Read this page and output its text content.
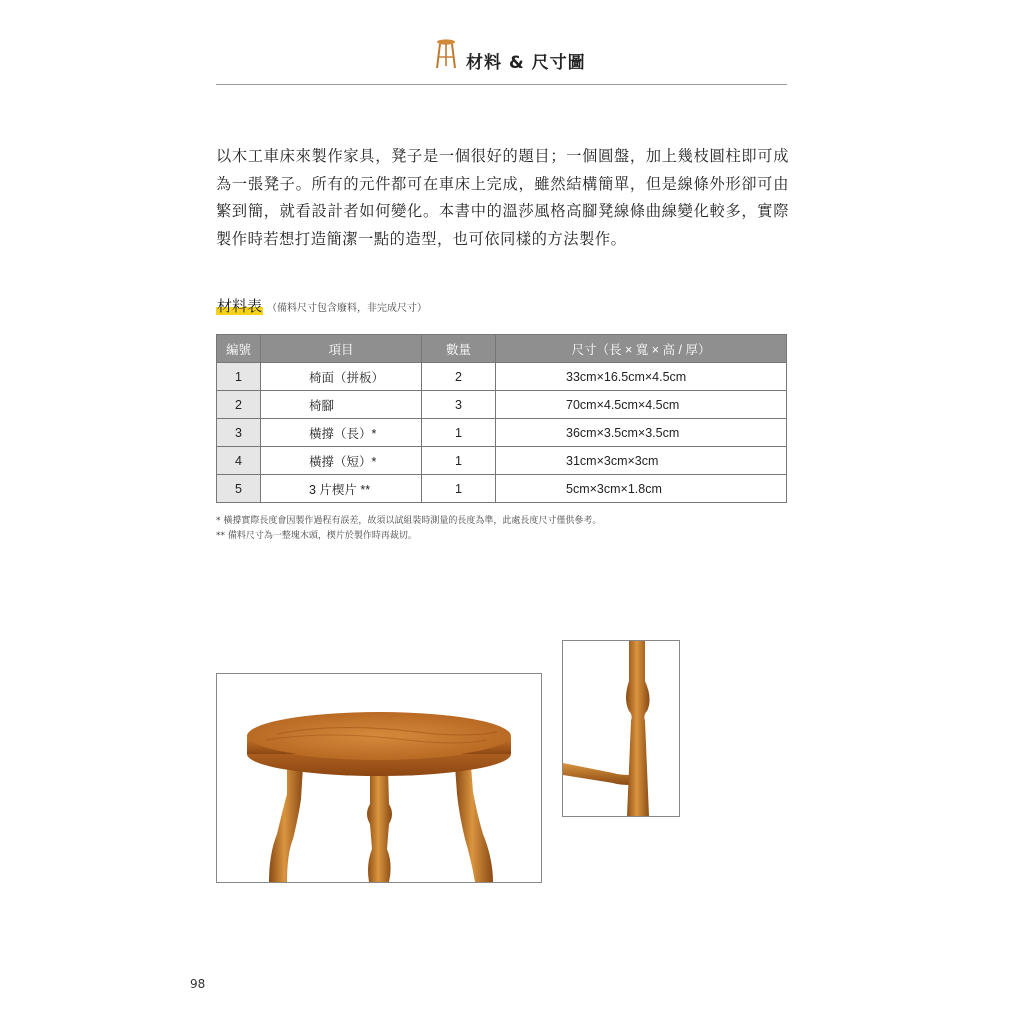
材料 & 尺寸圖

以木工車床來製作家具，凳子是一個很好的題目；一個圓盤，加上幾枝圓柱即可成為一張凳子。所有的元件都可在車床上完成，雖然結構簡單，但是線條外形卻可由繁到簡，就看設計者如何變化。本書中的溫莎風格高腳凳線條曲線變化較多，實際製作時若想打造簡潔一點的造型，也可依同樣的方法製作。

材料表 （備料尺寸包含廢料，非完成尺寸）
編號	項目	數量	尺寸（長 × 寬 × 高 / 厚）
1	椅面（拼板）	2	33cm×16.5cm×4.5cm
2	椅腳	3	70cm×4.5cm×4.5cm
3	橫撐（長）*	1	36cm×3.5cm×3.5cm
4	橫撐（短）*	1	31cm×3cm×3cm
5	3 片楔片 **	1	5cm×3cm×1.8cm
* 橫撐實際長度會因製作過程有誤差，故須以試組裝時測量的長度為準，此處長度尺寸僅供參考。
** 備料尺寸為一整塊木頭，楔片於製作時再裁切。
98
